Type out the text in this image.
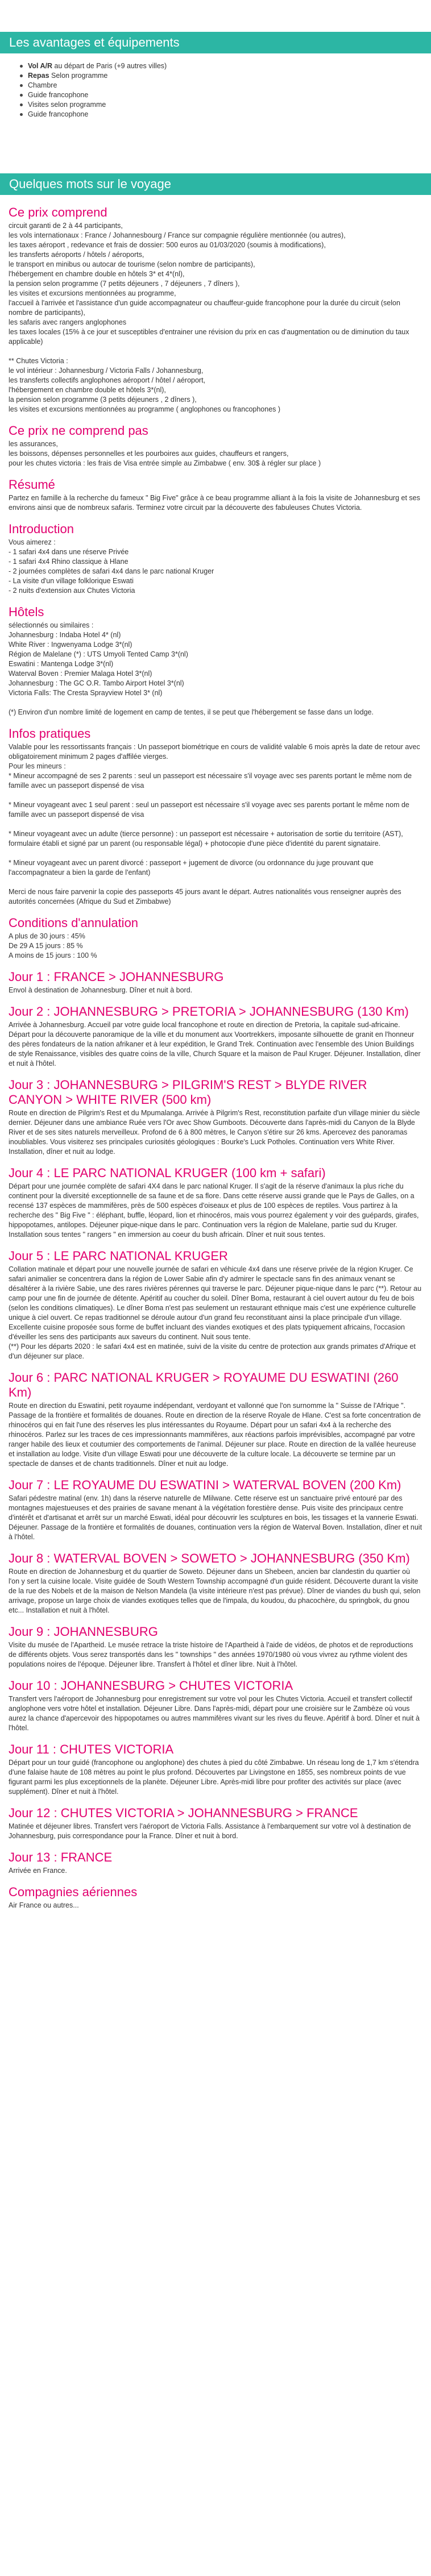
Les avantages et équipements
Vol A/R au départ de Paris (+9 autres villes)
Repas Selon programme
Chambre
Guide francophone
Visites selon programme
Guide francophone
Quelques mots sur le voyage
Ce prix comprend
circuit garanti de 2 à 44 participants,
les vols internationaux : France / Johannesbourg / France sur compagnie régulière mentionnée (ou autres),
les taxes aéroport , redevance et frais de dossier: 500 euros au 01/03/2020 (soumis à modifications),
les transferts aéroports / hôtels / aéroports,
le transport en minibus ou autocar de tourisme (selon nombre de participants),
l'hébergement en chambre double en hôtels 3* et 4*(nl),
la pension selon programme (7 petits déjeuners , 7 déjeuners , 7 dîners ),
les visites et excursions mentionnées au programme,
l'accueil à l'arrivée et l'assistance d'un guide accompagnateur ou chauffeur-guide francophone pour la durée du circuit (selon nombre de participants),
les safaris avec rangers anglophones
les taxes locales (15% à ce jour et susceptibles d'entrainer une révision du prix en cas d'augmentation ou de diminution du taux applicable)

** Chutes Victoria :
le vol intérieur : Johannesburg / Victoria Falls / Johannesburg,
les transferts collectifs anglophones aéroport / hôtel / aéroport,
l'hébergement en chambre double et hôtels 3*(nl),
la pension selon programme (3 petits déjeuners , 2 dîners ),
les visites et excursions mentionnées au programme ( anglophones ou francophones )
Ce prix ne comprend pas
les assurances,
les boissons, dépenses personnelles et les pourboires aux guides, chauffeurs et rangers,
pour les chutes victoria : les frais de Visa entrée simple au Zimbabwe ( env. 30$ à régler sur place )
Résumé

Partez en famille à la recherche du fameux " Big Five" grâce à ce beau programme alliant à la fois la visite de Johannesburg et ses environs ainsi que de nombreux safaris. Terminez votre circuit par la découverte des fabuleuses Chutes Victoria.

Introduction
Vous aimerez :
- 1 safari 4x4 dans une réserve Privée
- 1 safari 4x4 Rhino classique à Hlane
- 2 journées complètes de safari 4x4 dans le parc national Kruger
- La visite d'un village folklorique Eswati
- 2 nuits d'extension aux Chutes Victoria
Hôtels
sélectionnés ou similaires :
Johannesburg : Indaba Hotel 4* (nl)
White River : Ingwenyama Lodge 3*(nl)
Région de Malelane (*) : UTS Umyoli Tented Camp 3*(nl)
Eswatini : Mantenga Lodge 3*(nl)
Waterval Boven : Premier Malaga Hotel 3*(nl)
Johannesburg : The GC O.R. Tambo Airport Hotel 3*(nl)
Victoria Falls: The Cresta Sprayview Hotel 3* (nl)

(*) Environ d'un nombre limité de logement en camp de tentes, il se peut que l'hébergement se fasse dans un lodge.
Infos pratiques
Valable pour les ressortissants français : Un passeport biométrique en cours de validité valable 6 mois après la date de retour avec obligatoirement minimum 2 pages d'affilée vierges.
Pour les mineurs :
* Mineur accompagné de ses 2 parents : seul un passeport est nécessaire s'il voyage avec ses parents portant le même nom de famille avec un passeport dispensé de visa

* Mineur voyageant avec 1 seul parent : seul un passeport est nécessaire s'il voyage avec ses parents portant le même nom de famille avec un passeport dispensé de visa

* Mineur voyageant avec un adulte (tierce personne) : un passeport est nécessaire + autorisation de sortie du territoire (AST), formulaire établi et signé par un parent (ou responsable légal) + photocopie d'une pièce d'identité du parent signataire.

* Mineur voyageant avec un parent divorcé : passeport + jugement de divorce (ou ordonnance du juge prouvant que l'accompagnateur a bien la garde de l'enfant)

Merci de nous faire parvenir la copie des passeports 45 jours avant le départ. Autres nationalités vous renseigner auprès des autorités concernées (Afrique du Sud et Zimbabwe)
Conditions d'annulation
A plus de 30 jours : 45%
De 29 A 15 jours : 85 %
A moins de 15 jours : 100 %
Jour 1 : FRANCE > JOHANNESBURG

Envol à destination de Johannesburg. Dîner et nuit à bord.

Jour 2 : JOHANNESBURG > PRETORIA > JOHANNESBURG (130 Km)

Arrivée à Johannesburg. Accueil par votre guide local francophone et route en direction de Pretoria, la capitale sud-africaine. Départ pour la découverte panoramique de la ville et du monument aux Voortrekkers, imposante silhouette de granit en l'honneur des pères fondateurs de la nation afrikaner et à leur expédition, le Grand Trek. Continuation avec l'ensemble des Union Buildings de style Renaissance, visibles des quatre coins de la ville, Church Square et la maison de Paul Kruger. Déjeuner. Installation, dîner et nuit à l'hôtel.

Jour 3 : JOHANNESBURG > PILGRIM'S REST > BLYDE RIVER CANYON > WHITE RIVER (500 km)

Route en direction de Pilgrim's Rest et du Mpumalanga. Arrivée à Pilgrim's Rest, reconstitution parfaite d'un village minier du siècle dernier. Déjeuner dans une ambiance Ruée vers l'Or avec Show Gumboots. Découverte dans l'après-midi du Canyon de la Blyde River et de ses sites naturels merveilleux. Profond de 6 à 800 mètres, le Canyon s'étire sur 26 kms. Apercevez des panoramas inoubliables. Vous visiterez ses principales curiosités géologiques : Bourke's Luck Potholes. Continuation vers White River. Installation, dîner et nuit au lodge.

Jour 4 : LE PARC NATIONAL KRUGER (100 km + safari)

Départ pour une journée complète de safari 4X4 dans le parc national Kruger. Il s'agit de la réserve d'animaux la plus riche du continent pour la diversité exceptionnelle de sa faune et de sa flore. Dans cette réserve aussi grande que le Pays de Galles, on a recensé 137 espèces de mammifères, près de 500 espèces d'oiseaux et plus de 100 espèces de reptiles. Vous partirez à la recherche des " Big Five " : éléphant, buffle, léopard, lion et rhinocéros, mais vous pourrez également y voir des guépards, girafes, hippopotames, antilopes. Déjeuner pique-nique dans le parc. Continuation vers la région de Malelane, partie sud du Kruger. Installation sous tentes " rangers " en immersion au coeur du bush africain. Dîner et nuit sous tentes.

Jour 5 : LE PARC NATIONAL KRUGER

Collation matinale et départ pour une nouvelle journée de safari en véhicule 4x4 dans une réserve privée de la région Kruger. Ce safari animalier se concentrera dans la région de Lower Sabie afin d'y admirer le spectacle sans fin des animaux venant se désaltérer à la rivière Sabie, une des rares rivières pérennes qui traverse le parc. Déjeuner pique-nique dans le parc (**). Retour au camp pour une fin de journée de détente. Apéritif au coucher du soleil. Dîner Boma, restaurant à ciel ouvert autour du feu de bois (selon les conditions climatiques). Le dîner Boma n'est pas seulement un restaurant ethnique mais c'est une expérience culturelle unique à ciel ouvert. Ce repas traditionnel se déroule autour d'un grand feu reconstituant ainsi la place principale d'un village. Excellente cuisine proposée sous forme de buffet incluant des viandes exotiques et des plats typiquement africains, l'occasion d'éveiller les sens des participants aux saveurs du continent. Nuit sous tente.
(**) Pour les départs 2020 : le safari 4x4 est en matinée, suivi de la visite du centre de protection aux grands primates d'Afrique et d'un déjeuner sur place.

Jour 6 : PARC NATIONAL KRUGER > ROYAUME DU ESWATINI (260 Km)

Route en direction du Eswatini, petit royaume indépendant, verdoyant et vallonné que l'on surnomme la " Suisse de l'Afrique ". Passage de la frontière et formalités de douanes. Route en direction de la réserve Royale de Hlane. C'est sa forte concentration de rhinocéros qui en fait l'une des réserves les plus intéressantes du Royaume. Départ pour un safari 4x4 à la recherche des rhinocéros. Parlez sur les traces de ces impressionnants mammifères, aux réactions parfois imprévisibles, accompagné par votre ranger habile des lieux et coutumier des comportements de l'animal. Déjeuner sur place. Route en direction de la vallée heureuse et installation au lodge. Visite d'un village Eswati pour une découverte de la culture locale. La découverte se termine par un spectacle de danses et de chants traditionnels. Dîner et nuit au lodge.

Jour 7 : LE ROYAUME DU ESWATINI > WATERVAL BOVEN (200 Km)

Safari pédestre matinal (env. 1h) dans la réserve naturelle de Mlilwane. Cette réserve est un sanctuaire privé entouré par des montagnes majestueuses et des prairies de savane menant à la végétation forestière dense. Puis visite des principaux centre d'intérêt et d'artisanat et arrêt sur un marché Eswati, idéal pour découvrir les sculptures en bois, les tissages et la vannerie Eswati. Déjeuner. Passage de la frontière et formalités de douanes, continuation vers la région de Waterval Boven. Installation, dîner et nuit à l'hôtel.

Jour 8 : WATERVAL BOVEN > SOWETO > JOHANNESBURG (350 Km)

Route en direction de Johannesburg et du quartier de Soweto. Déjeuner dans un Shebeen, ancien bar clandestin du quartier où l'on y sert la cuisine locale. Visite guidée de South Western Township accompagné d'un guide résident. Découverte durant la visite de la rue des Nobels et de la maison de Nelson Mandela (la visite intérieure n'est pas prévue). Dîner de viandes du bush qui, selon arrivage, propose un large choix de viandes exotiques telles que de l'impala, du koudou, du phacochère, du springbok, du gnou etc... Installation et nuit à l'hôtel.

Jour 9 : JOHANNESBURG

Visite du musée de l'Apartheid. Le musée retrace la triste histoire de l'Apartheid à l'aide de vidéos, de photos et de reproductions de différents objets. Vous serez transportés dans les " townships " des années 1970/1980 où vous vivrez au rythme violent des populations noires de l'époque. Déjeuner libre. Transfert à l'hôtel et dîner libre. Nuit à l'hôtel.

Jour 10 : JOHANNESBURG > CHUTES VICTORIA

Transfert vers l'aéroport de Johannesburg pour enregistrement sur votre vol pour les Chutes Victoria. Accueil et transfert collectif anglophone vers votre hôtel et installation. Déjeuner Libre. Dans l'après-midi, départ pour une croisière sur le Zambèze où vous aurez la chance d'apercevoir des hippopotames ou autres mammifères vivant sur les rives du fleuve. Apéritif à bord. Dîner et nuit à l'hôtel.

Jour 11 : CHUTES VICTORIA

Départ pour un tour guidé (francophone ou anglophone) des chutes à pied du côté Zimbabwe. Un réseau long de 1,7 km s'étendra d'une falaise haute de 108 mètres au point le plus profond. Découvertes par Livingstone en 1855, ses nombreux points de vue figurant parmi les plus exceptionnels de la planète. Déjeuner Libre. Après-midi libre pour profiter des activités sur place (avec supplément). Dîner et nuit à l'hôtel.

Jour 12 : CHUTES VICTORIA > JOHANNESBURG > FRANCE

Matinée et déjeuner libres. Transfert vers l'aéroport de Victoria Falls. Assistance à l'embarquement sur votre vol à destination de Johannesburg, puis correspondance pour la France. Dîner et nuit à bord.

Jour 13 : FRANCE

Arrivée en France.

Compagnies aériennes

Air France ou autres...
